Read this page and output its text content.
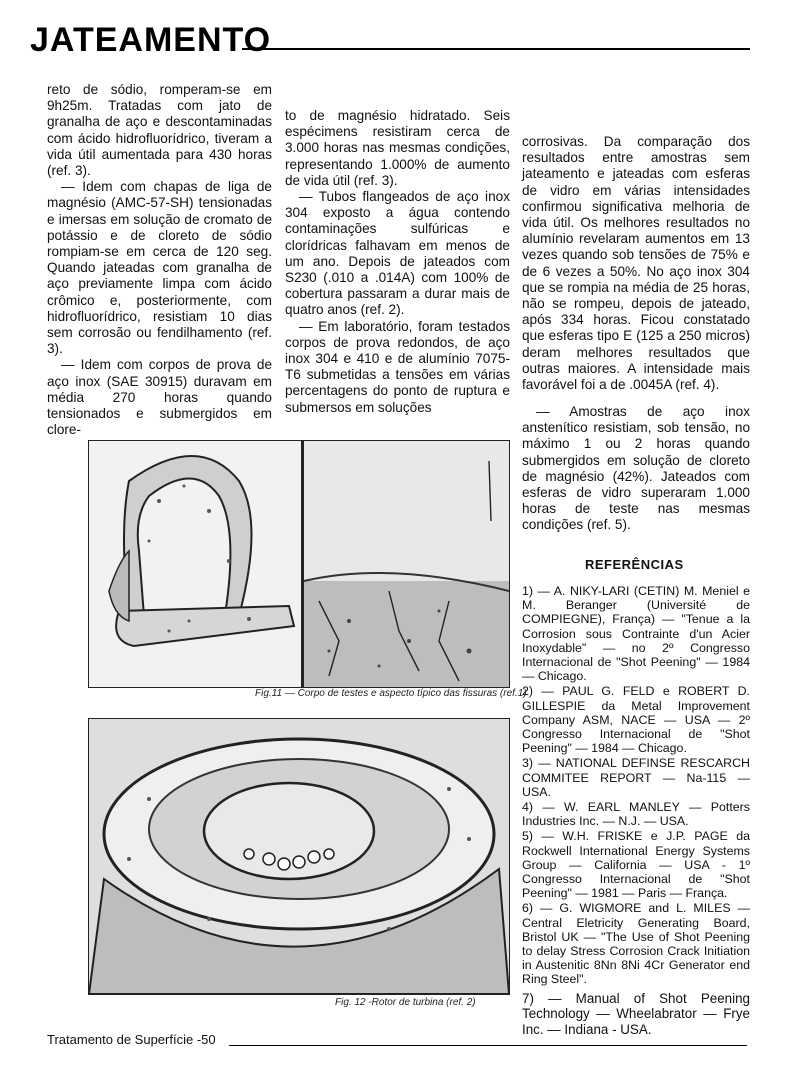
JATEAMENTO

reto de sódio, romperam-se em 9h25m. Tratadas com jato de granalha de aço e descontaminadas com ácido hidrofluorídrico, tiveram a vida útil aumentada para 430 horas (ref. 3).

— Idem com chapas de liga de magnésio (AMC-57-SH) tensionadas e imersas em solução de cromato de potássio e de cloreto de sódio rompiam-se em cerca de 120 seg. Quando jateadas com granalha de aço previamente limpa com ácido crômico e, posteriormente, com hidrofluorídrico, resistiam 10 dias sem corrosão ou fendilhamento (ref. 3).

— Idem com corpos de prova de aço inox (SAE 30915) duravam em média 270 horas quando tensionados e submergidos em clore-

to de magnésio hidratado. Seis espécimens resistiram cerca de 3.000 horas nas mesmas condições, representando 1.000% de aumento de vida útil (ref. 3).

— Tubos flangeados de aço inox 304 exposto a água contendo contaminações sulfúricas e clorídricas falhavam em menos de um ano. Depois de jateados com S230 (.010 a .014A) com 100% de cobertura passaram a durar mais de quatro anos (ref. 2).

— Em laboratório, foram testados corpos de prova redondos, de aço inox 304 e 410 e de alumínio 7075-T6 submetidas a tensões em várias percentagens do ponto de ruptura e submersos em soluções

corrosivas. Da comparação dos resultados entre amostras sem jateamento e jateadas com esferas de vidro em várias intensidades confirmou significativa melhoria de vida útil. Os melhores resultados no alumínio revelaram aumentos em 13 vezes quando sob tensões de 75% e de 6 vezes a 50%. No aço inox 304 que se rompia na média de 25 horas, não se rompeu, depois de jateado, após 334 horas. Ficou constatado que esferas tipo E (125 a 250 micros) deram melhores resultados que outras maiores. A intensidade mais favorável foi a de .0045A (ref. 4).

— Amostras de aço inox anstenítico resistiam, sob tensão, no máximo 1 ou 2 horas quando submergidos em solução de cloreto de magnésio (42%). Jateados com esferas de vidro superaram 1.000 horas de teste nas mesmas condições (ref. 5).

Fig.11 — Corpo de testes e aspecto típico das fissuras (ref.1)
Fig. 12 -Rotor de turbina (ref. 2)
REFERÊNCIAS

1) — A. NIKY-LARI (CETIN) M. Meniel e M. Beranger (Université de COMPIEGNE), França) — "Tenue a la Corrosion sous Contrainte d'un Acier Inoxydable" — no 2º Congresso Internacional de "Shot Peening" — 1984 — Chicago.

2) — PAUL G. FELD e ROBERT D. GILLESPIE da Metal Improvement Company ASM, NACE — USA — 2º Congresso Internacional de "Shot Peening" — 1984 — Chicago.

3) — NATIONAL DEFINSE RESCARCH COMMITEE REPORT — Na-115 — USA.

4) — W. EARL MANLEY — Potters Industries Inc. — N.J. — USA.

5) — W.H. FRISKE e J.P. PAGE da Rockwell International Energy Systems Group — California — USA - 1º Congresso Internacional de "Shot Peening" — 1981 — Paris — França.

6) — G. WIGMORE and L. MILES — Central Eletricity Generating Board, Bristol UK — "The Use of Shot Peening to delay Stress Corrosion Crack Initiation in Austenitic 8Nn 8Ni 4Cr Generator end Ring Steel".

7) — Manual of Shot Peening Technology — Wheelabrator — Frye Inc. — Indiana - USA.

Tratamento de Superfície -50
